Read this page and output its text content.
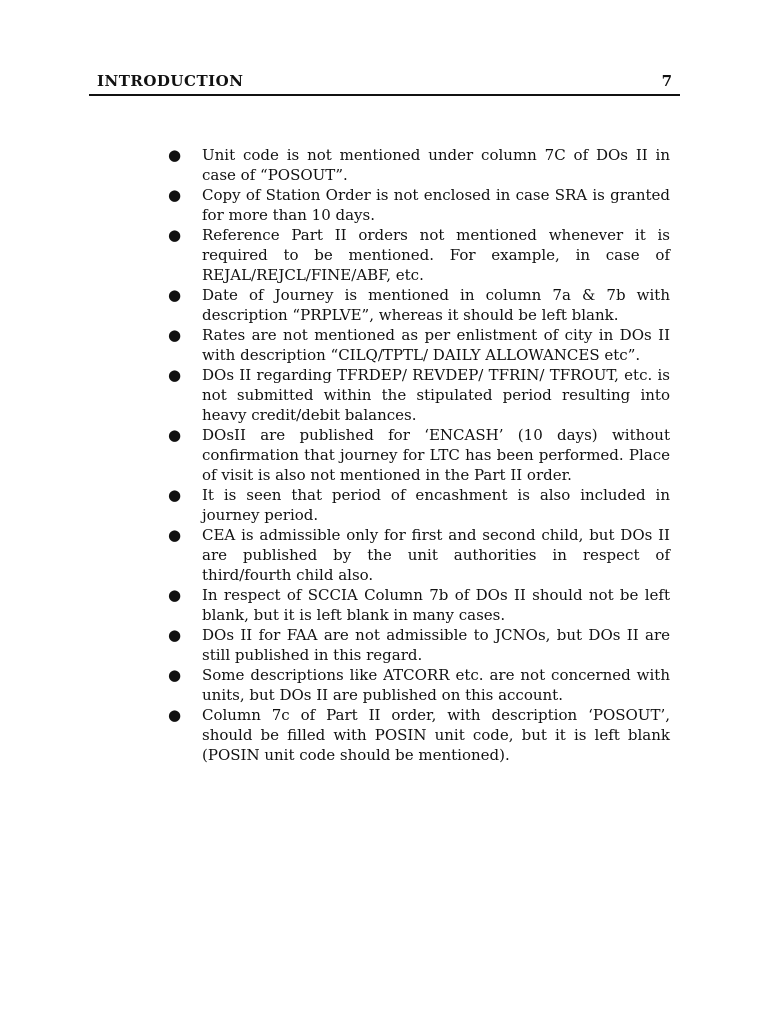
INTRODUCTION	7
● Unit code is not mentioned under column 7C of DOs II in case of “POSOUT”.
● Copy of Station Order is not enclosed in case SRA is granted for more than 10 days.
● Reference Part II orders not mentioned whenever it is required to be mentioned. For example, in case of REJAL/REJCL/FINE/ABF, etc.
● Date of Journey is mentioned in column 7a & 7b with description “PRPLVE”, whereas it should be left blank.
● Rates are not mentioned as per enlistment of city in DOs II with description “CILQ/TPTL/ DAILY ALLOWANCES etc”.
● DOs II regarding TFRDEP/ REVDEP/ TFRIN/ TFROUT, etc. is not submitted within the stipulated period resulting into heavy credit/debit balances.
● DOsII are published for ‘ENCASH’ (10 days) without confirmation that journey for LTC has been performed. Place of visit is also not mentioned in the Part II order.
● It is seen that period of encashment is also included in journey period.
● CEA is admissible only for first and second child, but DOs II are published by the unit authorities in respect of third/fourth child also.
● In respect of SCCIA Column 7b of DOs II should not be left blank, but it is left blank in many cases.
● DOs II for FAA are not admissible to JCNOs, but DOs II are still published in this regard.
● Some descriptions like ATCORR etc. are not concerned with units, but DOs II are published on this account.
● Column 7c of Part II order, with description ‘POSOUT’, should be filled with POSIN unit code, but it is left blank (POSIN unit code should be mentioned).
